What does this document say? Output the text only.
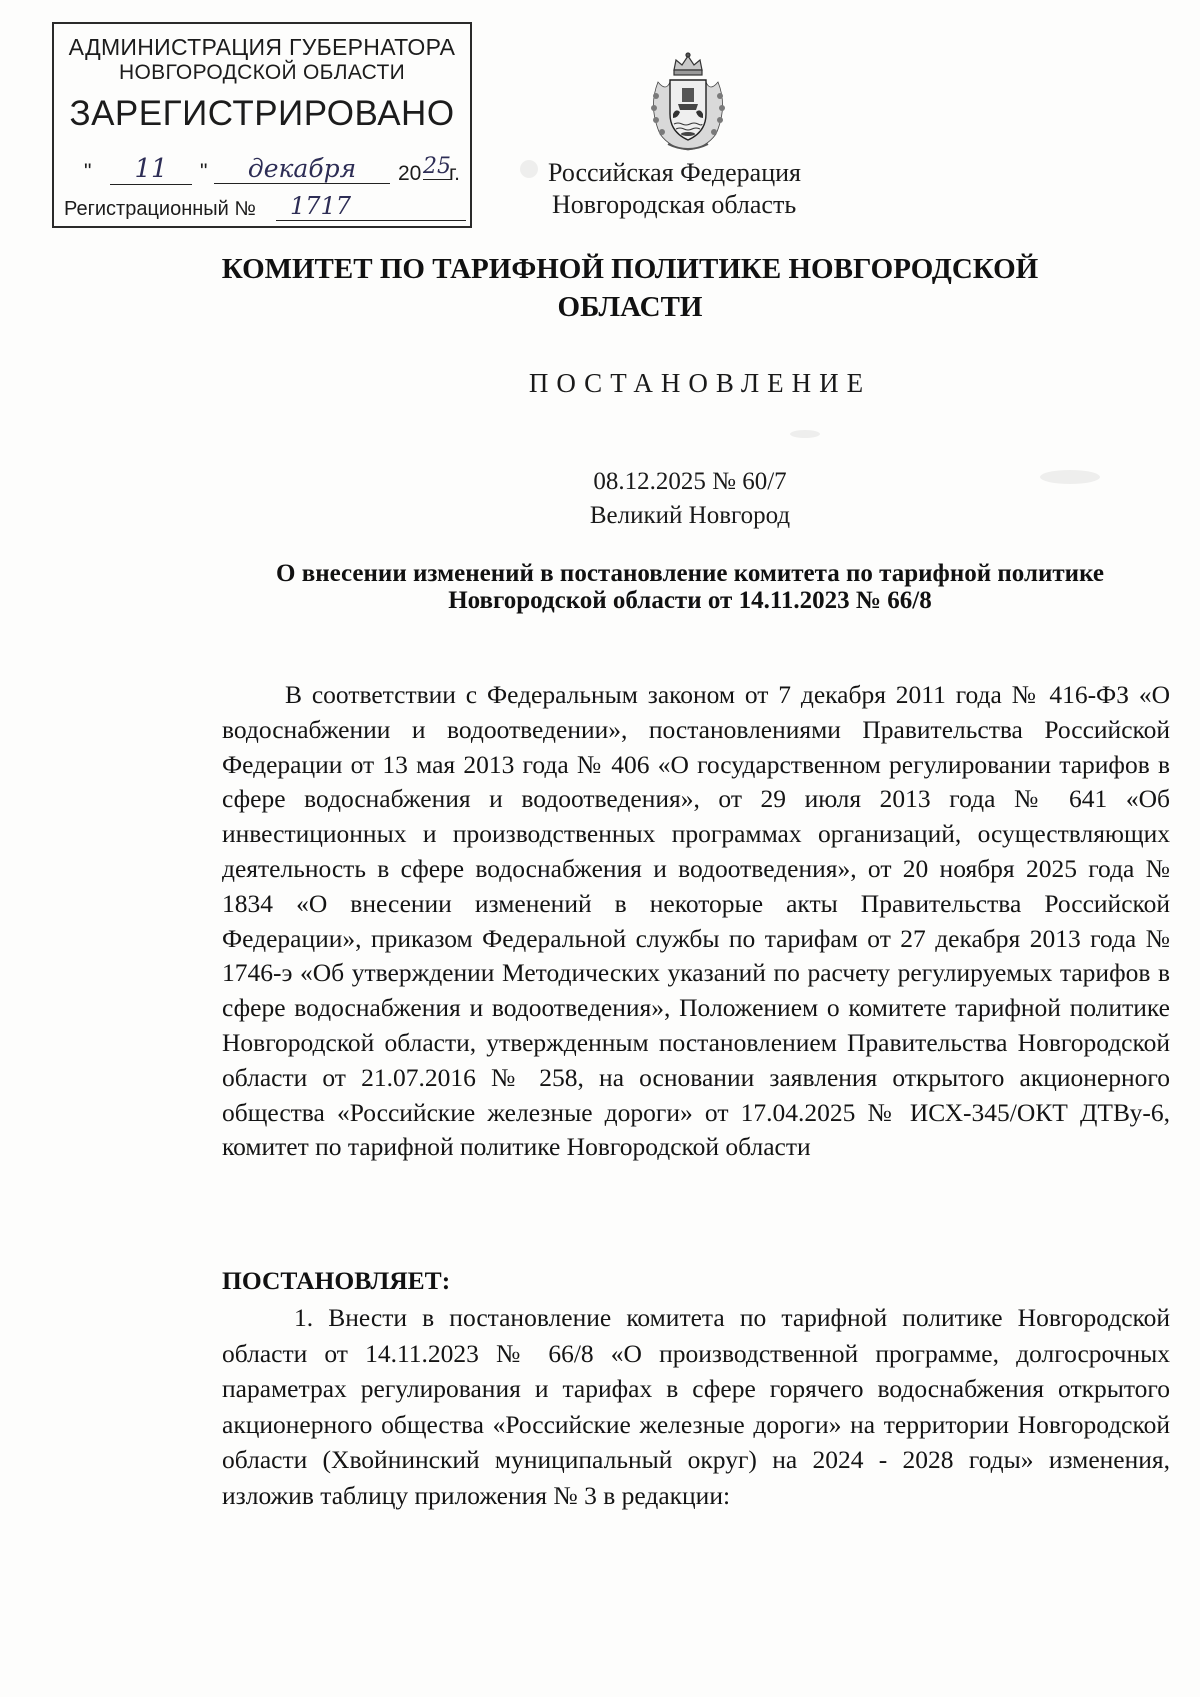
АДМИНИСТРАЦИЯ ГУБЕРНАТОРА
НОВГОРОДСКОЙ ОБЛАСТИ
ЗАРЕГИСТРИРОВАНО
"	11	"	декабря	20 25
г.
Регистрационный №	1717
Российская Федерация
Новгородская область
КОМИТЕТ ПО ТАРИФНОЙ ПОЛИТИКЕ НОВГОРОДСКОЙ
ОБЛАСТИ
ПОСТАНОВЛЕНИЕ
08.12.2025 № 60/7
Великий Новгород
О внесении изменений в постановление комитета по тарифной политике
Новгородской области от 14.11.2023 № 66/8

В соответствии с Федеральным законом от 7 декабря 2011 года № 416-ФЗ «О водоснабжении и водоотведении», постановлениями Правительства Российской Федерации от 13 мая 2013 года № 406 «О государственном регулировании тарифов в сфере водоснабжения и водоотведения», от 29 июля 2013 года № 641 «Об инвестиционных и производственных программах организаций, осуществляющих деятельность в сфере водоснабжения и водоотведения», от 20 ноября 2025 года № 1834 «О внесении изменений в некоторые акты Правительства Российской Федерации», приказом Федеральной службы по тарифам от 27 декабря 2013 года № 1746-э «Об утверждении Методических указаний по расчету регулируемых тарифов в сфере водоснабжения и водоотведения», Положением о комитете тарифной политике Новгородской области, утвержденным постановлением Правительства Новгородской области от 21.07.2016 № 258, на основании заявления открытого акционерного общества «Российские железные дороги» от 17.04.2025 № ИСХ-345/ОКТ ДТВу-6, комитет по тарифной политике Новгородской области

ПОСТАНОВЛЯЕТ:

1. Внести в постановление комитета по тарифной политике Новгородской области от 14.11.2023 № 66/8 «О производственной программе, долгосрочных параметрах регулирования и тарифах в сфере горячего водоснабжения открытого акционерного общества «Российские железные дороги» на территории Новгородской области (Хвойнинский муниципальный округ) на 2024 - 2028 годы» изменения, изложив таблицу приложения № 3 в редакции:
